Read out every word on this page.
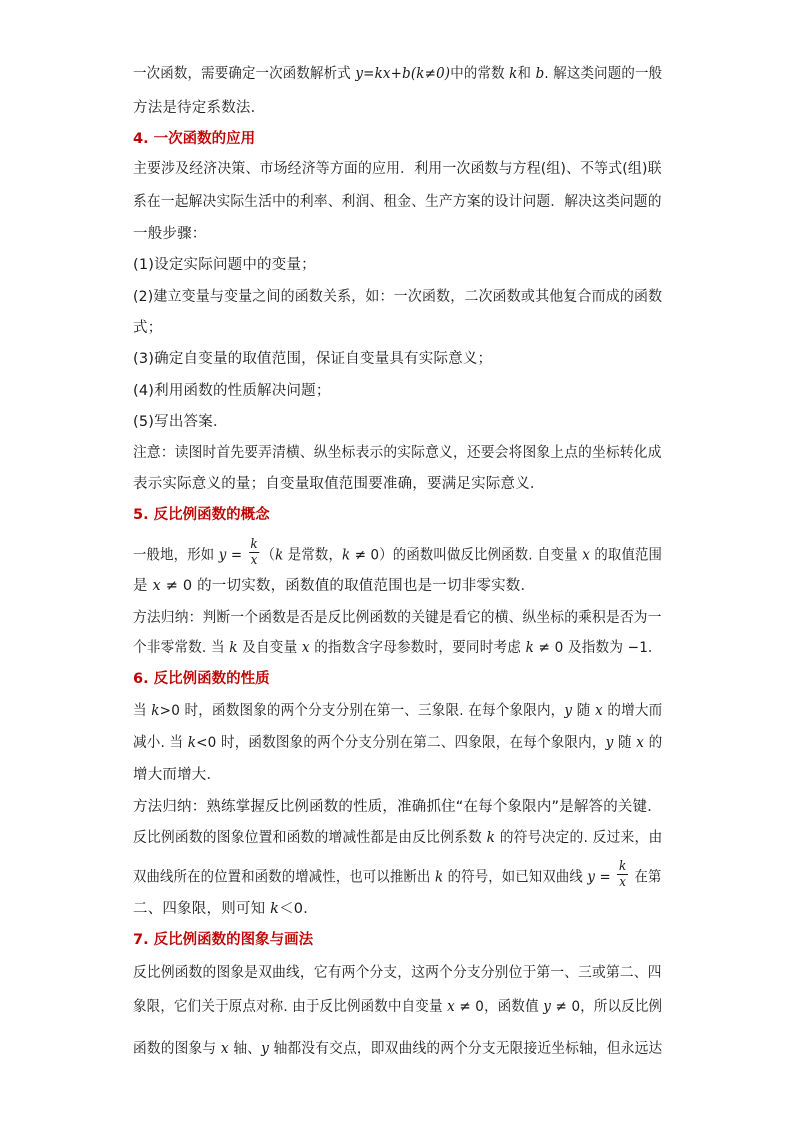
一次函数，需要确定一次函数解析式 y=kx+b(k≠0)中的常数 k和 b. 解这类问题的一般
方法是待定系数法．
4. 一次函数的应用
主要涉及经济决策、市场经济等方面的应用．利用一次函数与方程(组)、不等式(组)联
系在一起解决实际生活中的利率、利润、租金、生产方案的设计问题．解决这类问题的
一般步骤：
(1)设定实际问题中的变量；
(2)建立变量与变量之间的函数关系，如：一次函数，二次函数或其他复合而成的函数
式；
(3)确定自变量的取值范围，保证自变量具有实际意义；
(4)利用函数的性质解决问题；
(5)写出答案．
注意：读图时首先要弄清横、纵坐标表示的实际意义，还要会将图象上点的坐标转化成
表示实际意义的量；自变量取值范围要准确，要满足实际意义．
5. 反比例函数的概念
一般地，形如 $y = \frac{k}{x} (k$ 是常数，k ≠ 0）的函数叫做反比例函数. 自变量 x 的取值范围
是 x ≠ 0 的一切实数，函数值的取值范围也是一切非零实数．
方法归纳：判断一个函数是否是反比例函数的关键是看它的横、纵坐标的乘积是否为一
个非零常数. 当 k 及自变量 x 的指数含字母参数时，要同时考虑 k ≠ 0 及指数为 −1．
6. 反比例函数的性质
当 k>0 时，函数图象的两个分支分别在第一、三象限. 在每个象限内，y 随 x 的增大而
减小. 当 k<0 时，函数图象的两个分支分别在第二、四象限，在每个象限内，y 随 x 的
增大而增大．
方法归纳：熟练掌握反比例函数的性质，准确抓住“在每个象限内”是解答的关键．
反比例函数的图象位置和函数的增减性都是由反比例系数 k 的符号决定的. 反过来，由
双曲线所在的位置和函数的增减性，也可以推断出 k 的符号，如已知双曲线 $y = \frac{k}{x}$ 在第
二、四象限，则可知 k＜0．
7. 反比例函数的图象与画法
反比例函数的图象是双曲线，它有两个分支，这两个分支分别位于第一、三或第二、四
象限，它们关于原点对称. 由于反比例函数中自变量 x ≠ 0，函数值 y ≠ 0，所以反比例
函数的图象与 x 轴、y 轴都没有交点，即双曲线的两个分支无限接近坐标轴，但永远达
